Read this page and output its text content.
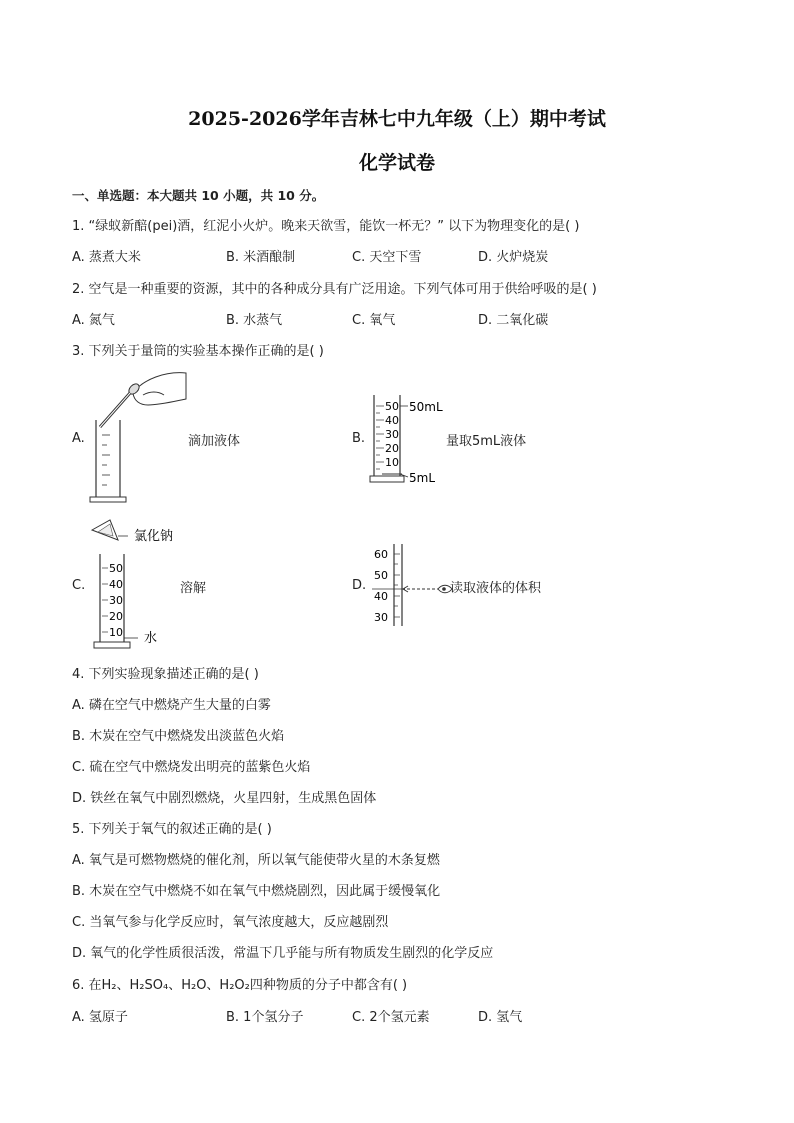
2025-2026学年吉林七中九年级（上）期中考试
化学试卷
一、单选题：本大题共 10 小题，共 10 分。
1. “绿蚁新醅(pei)酒，红泥小火炉。晚来天欲雪，能饮一杯无？” 以下为物理变化的是( )
A. 蒸煮大米	B. 米酒酿制	C. 天空下雪	D. 火炉烧炭
2. 空气是一种重要的资源，其中的各种成分具有广泛用途。下列气体可用于供给呼吸的是( )
A. 氮气	B. 水蒸气	C. 氧气	D. 二氧化碳
3. 下列关于量筒的实验基本操作正确的是( )
A.	滴加液体	B.
50
40
30
20
10
50mL
5mL
量取5mL液体
C.
氯化钠
50
40
30
20
10 水
溶解	D.
60
50
40
30
读取液体的体积
4. 下列实验现象描述正确的是( )
A. 磷在空气中燃烧产生大量的白雾
B. 木炭在空气中燃烧发出淡蓝色火焰
C. 硫在空气中燃烧发出明亮的蓝紫色火焰
D. 铁丝在氧气中剧烈燃烧，火星四射，生成黑色固体
5. 下列关于氧气的叙述正确的是( )
A. 氧气是可燃物燃烧的催化剂，所以氧气能使带火星的木条复燃
B. 木炭在空气中燃烧不如在氧气中燃烧剧烈，因此属于缓慢氧化
C. 当氧气参与化学反应时，氧气浓度越大，反应越剧烈
D. 氧气的化学性质很活泼，常温下几乎能与所有物质发生剧烈的化学反应
6. 在H₂、H₂SO₄、H₂O、H₂O₂四种物质的分子中都含有( )
A. 氢原子	B. 1个氢分子	C. 2个氢元素	D. 氢气
